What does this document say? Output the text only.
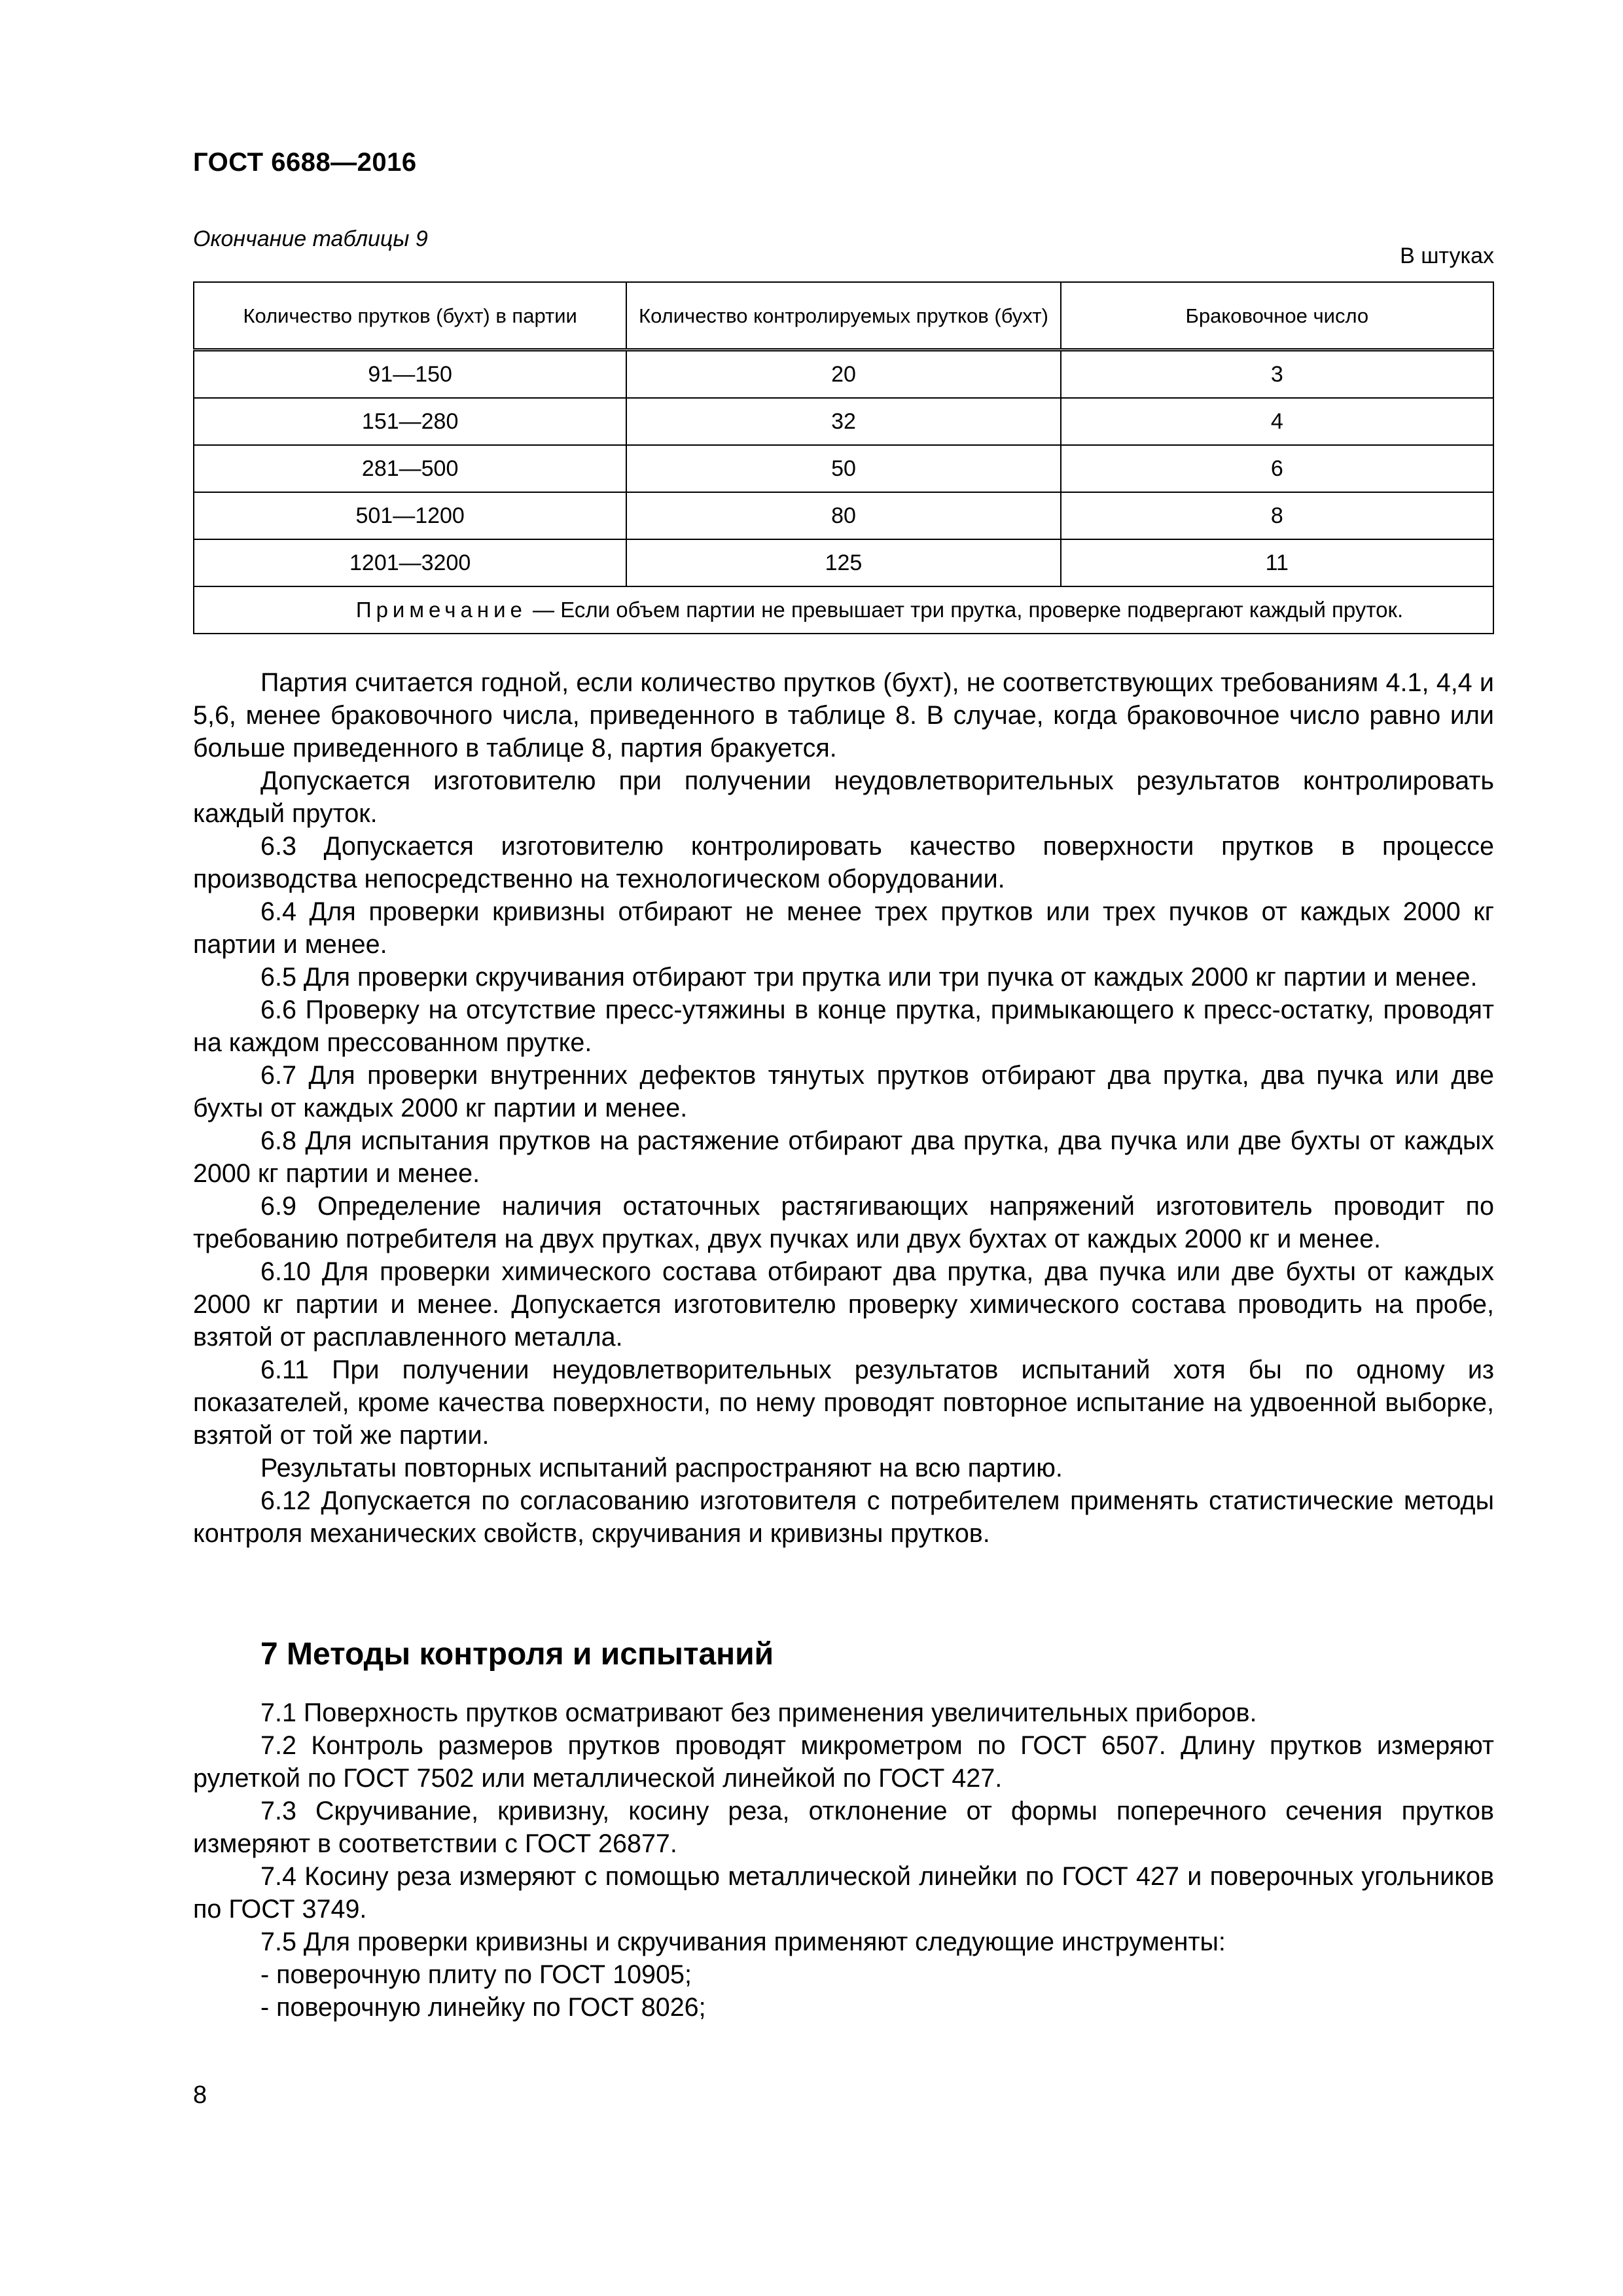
ГОСТ 6688—2016
Окончание таблицы 9
В штуках
Количество прутков (бухт) в партии	Количество контролируемых прутков (бухт)	Браковочное число
91—150	20	3
151—280	32	4
281—500	50	6
501—1200	80	8
1201—3200	125	11
Примечание — Если объем партии не превышает три прутка, проверке подвергают каждый пруток.		

Партия считается годной, если количество прутков (бухт), не соответствующих требованиям 4.1, 4,4 и 5,6, менее браковочного числа, приведенного в таблице 8. В случае, когда браковочное число равно или больше приведенного в таблице 8, партия бракуется.

Допускается изготовителю при получении неудовлетворительных результатов контролировать каждый пруток.

6.3 Допускается изготовителю контролировать качество поверхности прутков в процессе производства непосредственно на технологическом оборудовании.

6.4 Для проверки кривизны отбирают не менее трех прутков или трех пучков от каждых 2000 кг партии и менее.

6.5 Для проверки скручивания отбирают три прутка или три пучка от каждых 2000 кг партии и менее.

6.6 Проверку на отсутствие пресс-утяжины в конце прутка, примыкающего к пресс-остатку, проводят на каждом прессованном прутке.

6.7 Для проверки внутренних дефектов тянутых прутков отбирают два прутка, два пучка или две бухты от каждых 2000 кг партии и менее.

6.8 Для испытания прутков на растяжение отбирают два прутка, два пучка или две бухты от каждых 2000 кг партии и менее.

6.9 Определение наличия остаточных растягивающих напряжений изготовитель проводит по требованию потребителя на двух прутках, двух пучках или двух бухтах от каждых 2000 кг и менее.

6.10 Для проверки химического состава отбирают два прутка, два пучка или две бухты от каждых 2000 кг партии и менее. Допускается изготовителю проверку химического состава проводить на пробе, взятой от расплавленного металла.

6.11 При получении неудовлетворительных результатов испытаний хотя бы по одному из показателей, кроме качества поверхности, по нему проводят повторное испытание на удвоенной выборке, взятой от той же партии.

Результаты повторных испытаний распространяют на всю партию.

6.12 Допускается по согласованию изготовителя с потребителем применять статистические методы контроля механических свойств, скручивания и кривизны прутков.

7 Методы контроля и испытаний

7.1 Поверхность прутков осматривают без применения увеличительных приборов.

7.2 Контроль размеров прутков проводят микрометром по ГОСТ 6507. Длину прутков измеряют рулеткой по ГОСТ 7502 или металлической линейкой по ГОСТ 427.

7.3 Скручивание, кривизну, косину реза, отклонение от формы поперечного сечения прутков измеряют в соответствии с ГОСТ 26877.

7.4 Косину реза измеряют с помощью металлической линейки по ГОСТ 427 и поверочных угольников по ГОСТ 3749.

7.5 Для проверки кривизны и скручивания применяют следующие инструменты:

- поверочную плиту по ГОСТ 10905;

- поверочную линейку по ГОСТ 8026;

8
